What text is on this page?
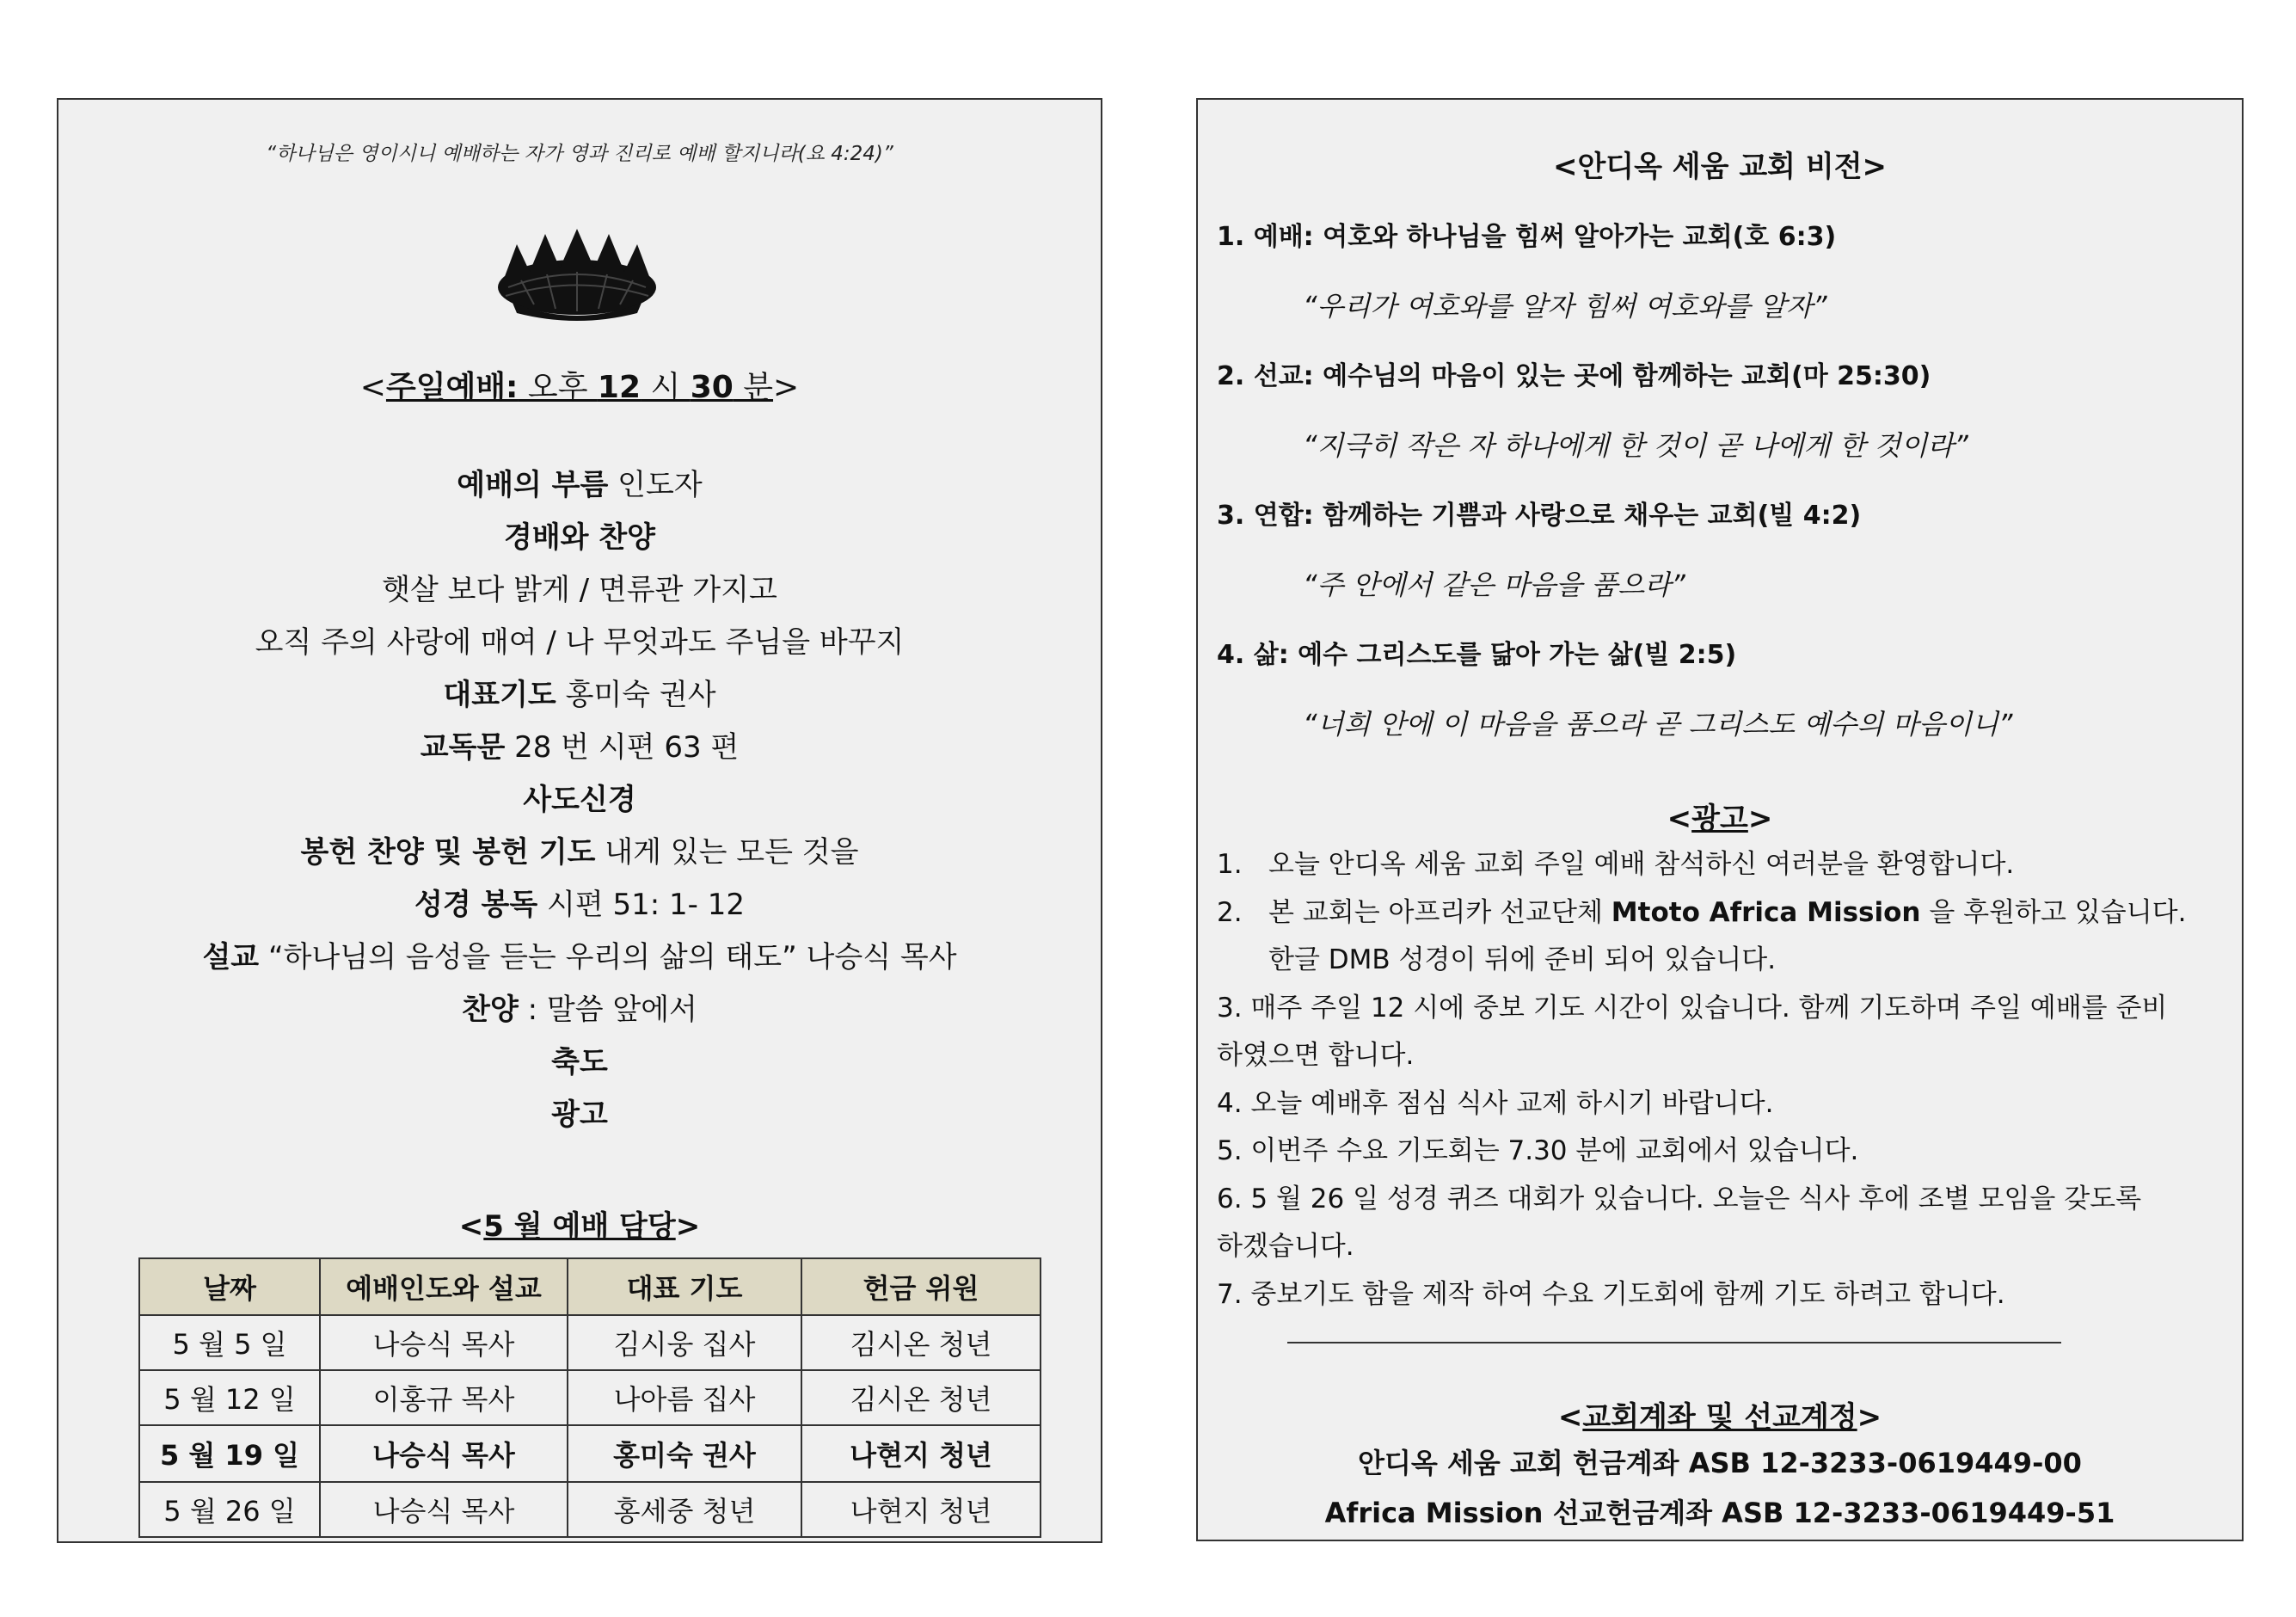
“하나님은 영이시니 예배하는 자가 영과 진리로 예배 할지니라(요 4:24)”
<주일예배: 오후 12 시 30 분>
예배의 부름 인도자
경배와 찬양
햇살 보다 밝게 / 면류관 가지고
오직 주의 사랑에 매여 / 나 무엇과도 주님을 바꾸지
대표기도 홍미숙 권사
교독문 28 번 시편 63 편
사도신경
봉헌 찬양 및 봉헌 기도 내게 있는 모든 것을
성경 봉독 시편 51: 1- 12
설교 “하나님의 음성을 듣는 우리의 삶의 태도” 나승식 목사
찬양 : 말씀 앞에서
축도
광고
<5 월 예배 담당>
날짜	예배인도와 설교	대표 기도	헌금 위원
5 월 5 일	나승식 목사	김시웅 집사	김시온 청년
5 월 12 일	이홍규 목사	나아름 집사	김시온 청년
5 월 19 일	나승식 목사	홍미숙 권사	나현지 청년
5 월 26 일	나승식 목사	홍세중 청년	나현지 청년
<안디옥 세움 교회 비전>
1. 예배: 여호와 하나님을 힘써 알아가는 교회(호 6:3)
“우리가 여호와를 알자 힘써 여호와를 알자”
2. 선교: 예수님의 마음이 있는 곳에 함께하는 교회(마 25:30)
“지극히 작은 자 하나에게 한 것이 곧 나에게 한 것이라”
3. 연합: 함께하는 기쁨과 사랑으로 채우는 교회(빌 4:2)
“주 안에서 같은 마음을 품으라”
4. 삶: 예수 그리스도를 닮아 가는 삶(빌 2:5)
“너희 안에 이 마음을 품으라 곧 그리스도 예수의 마음이니”
<광고>
1. 오늘 안디옥 세움 교회 주일 예배 참석하신 여러분을 환영합니다.
2. 본 교회는 아프리카 선교단체 Mtoto Africa Mission 을 후원하고 있습니다.
한글 DMB 성경이 뒤에 준비 되어 있습니다.
3. 매주 주일 12 시에 중보 기도 시간이 있습니다. 함께 기도하며 주일 예배를 준비
하였으면 합니다.
4. 오늘 예배후 점심 식사 교제 하시기 바랍니다.
5. 이번주 수요 기도회는 7.30 분에 교회에서 있습니다.
6. 5 월 26 일 성경 퀴즈 대회가 있습니다. 오늘은 식사 후에 조별 모임을 갖도록
하겠습니다.
7. 중보기도 함을 제작 하여 수요 기도회에 함께 기도 하려고 합니다.
<교회계좌 및 선교계정>
안디옥 세움 교회 헌금계좌 ASB 12-3233-0619449-00
Africa Mission 선교헌금계좌 ASB 12-3233-0619449-51
